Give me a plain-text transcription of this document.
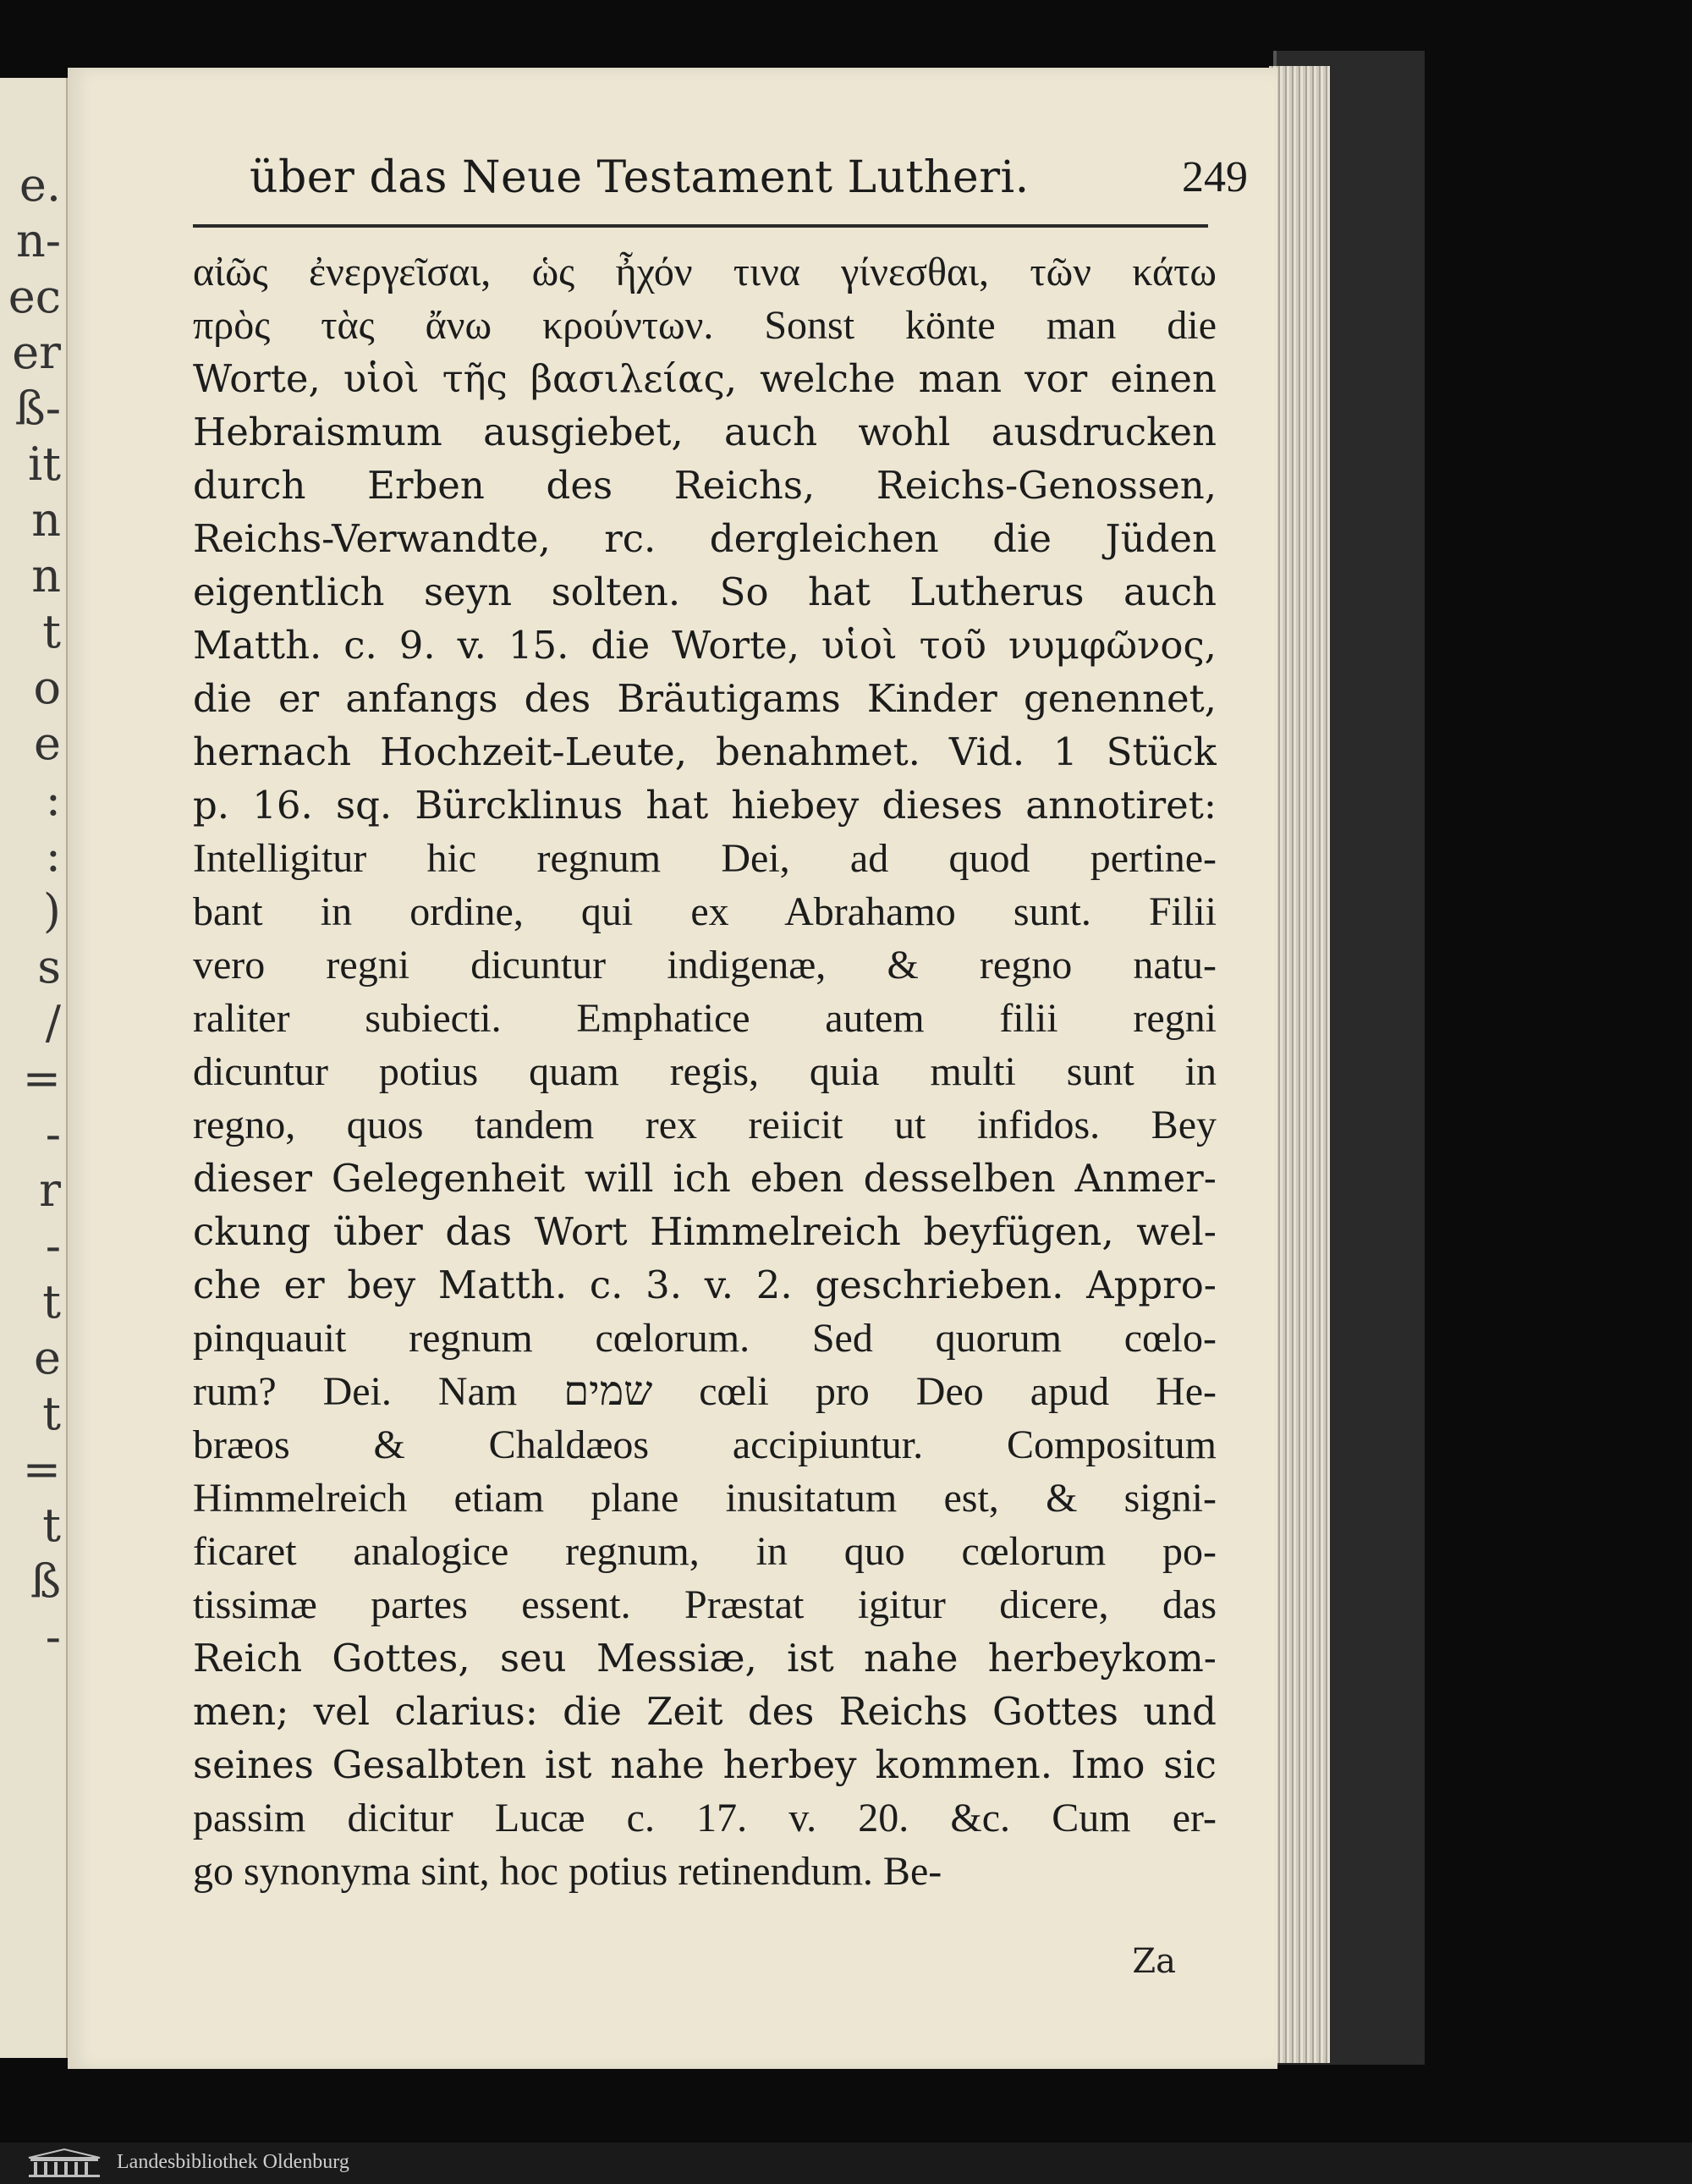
e.
n-
ec
er
ß-
it
n
n
t
o
e
:
:
)
s
/
=
-
r
-
t
e
t
=
t
ß
-
über das Neue Testament Lutheri.	249
αἰῶς ἐνεργεῖσαι, ὡς ἦχόν τινα γίνεσθαι, τῶν κάτω
πρὸς τὰς ἄνω κρούντων. Sonst könte man die
Worte, υἱοὶ τῆς βασιλείας, welche man vor einen
Hebraismum ausgiebet, auch wohl ausdrucken
durch Erben des Reichs, Reichs-Genossen,
Reichs-Verwandte, rc. dergleichen die Jüden
eigentlich seyn solten. So hat Lutherus auch
Matth. c. 9. v. 15. die Worte, υἱοὶ τοῦ νυμφῶνος,
die er anfangs des Bräutigams Kinder genennet,
hernach Hochzeit-Leute, benahmet. Vid. 1 Stück
p. 16. sq. Bürcklinus hat hiebey dieses annotiret:
Intelligitur hic regnum Dei, ad quod pertine-
bant in ordine, qui ex Abrahamo sunt. Filii
vero regni dicuntur indigenæ, & regno natu-
raliter subiecti. Emphatice autem filii regni
dicuntur potius quam regis, quia multi sunt in
regno, quos tandem rex reiicit ut infidos. Bey
dieser Gelegenheit will ich eben desselben Anmer-
ckung über das Wort Himmelreich beyfügen, wel-
che er bey Matth. c. 3. v. 2. geschrieben. Appro-
pinquauit regnum cœlorum. Sed quorum cœlo-
rum? Dei. Nam שמים cœli pro Deo apud He-
bræos & Chaldæos accipiuntur. Compositum
Himmelreich etiam plane inusitatum est, & signi-
ficaret analogice regnum, in quo cœlorum po-
tissimæ partes essent. Præstat igitur dicere, das
Reich Gottes, seu Messiæ, ist nahe herbeykom-
men; vel clarius: die Zeit des Reichs Gottes und
seines Gesalbten ist nahe herbey kommen. Imo sic
passim dicitur Lucæ c. 17. v. 20. &c. Cum er-
go synonyma sint, hoc potius retinendum. Be-
Za
Landesbibliothek Oldenburg
